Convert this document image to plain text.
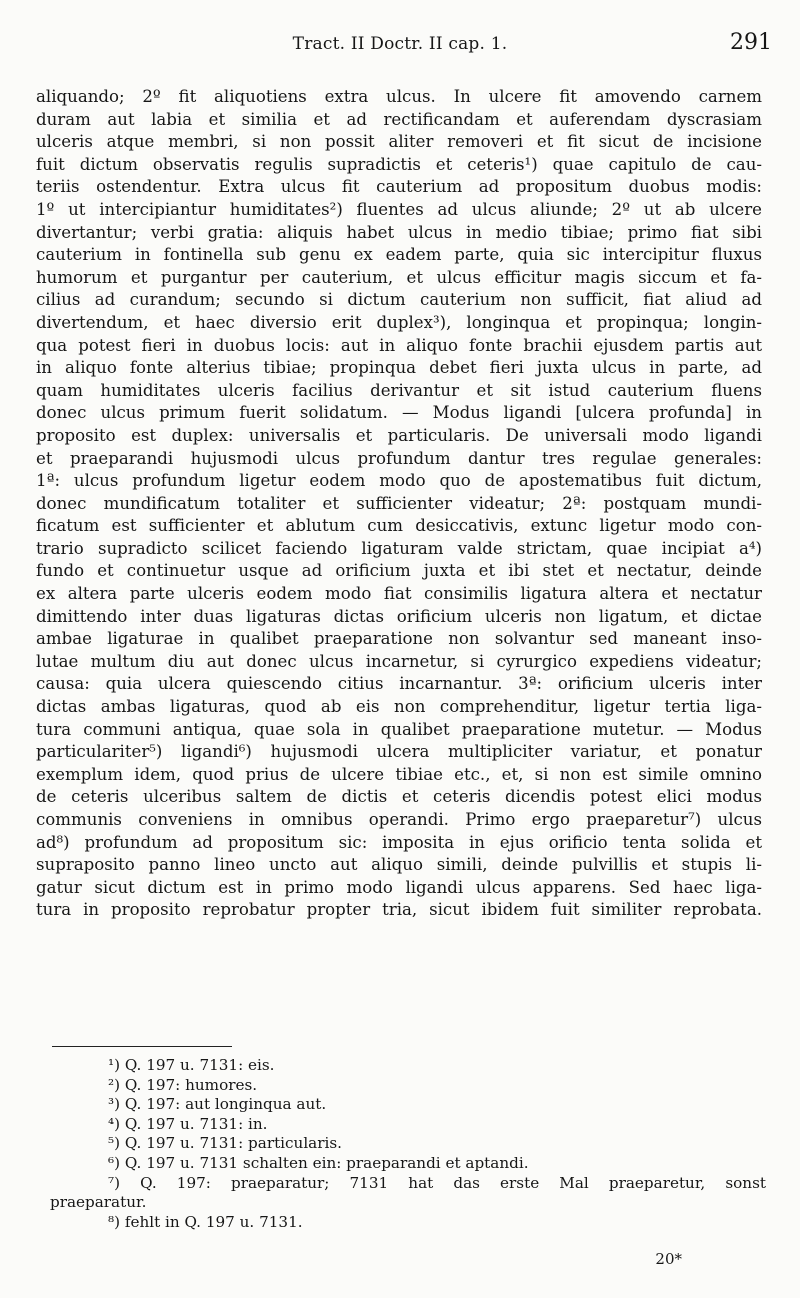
Tract. II Doctr. II cap. 1.	291
aliquando; 2º fit aliquotiens extra ulcus. In ulcere fit amovendo carnem
duram aut labia et similia et ad rectificandam et auferendam dyscrasiam
ulceris atque membri, si non possit aliter removeri et fit sicut de incisione
fuit dictum observatis regulis supradictis et ceteris¹) quae capitulo de cau-
teriis ostendentur. Extra ulcus fit cauterium ad propositum duobus modis:
1º ut intercipiantur humiditates²) fluentes ad ulcus aliunde; 2º ut ab ulcere
divertantur; verbi gratia: aliquis habet ulcus in medio tibiae; primo fiat sibi
cauterium in fontinella sub genu ex eadem parte, quia sic intercipitur fluxus
humorum et purgantur per cauterium, et ulcus efficitur magis siccum et fa-
cilius ad curandum; secundo si dictum cauterium non sufficit, fiat aliud ad
divertendum, et haec diversio erit duplex³), longinqua et propinqua; longin-
qua potest fieri in duobus locis: aut in aliquo fonte brachii ejusdem partis aut
in aliquo fonte alterius tibiae; propinqua debet fieri juxta ulcus in parte, ad
quam humiditates ulceris facilius derivantur et sit istud cauterium fluens
donec ulcus primum fuerit solidatum. — Modus ligandi [ulcera profunda] in
proposito est duplex: universalis et particularis. De universali modo ligandi
et praeparandi hujusmodi ulcus profundum dantur tres regulae generales:
1ª: ulcus profundum ligetur eodem modo quo de apostematibus fuit dictum,
donec mundificatum totaliter et sufficienter videatur; 2ª: postquam mundi-
ficatum est sufficienter et ablutum cum desiccativis, extunc ligetur modo con-
trario supradicto scilicet faciendo ligaturam valde strictam, quae incipiat a⁴)
fundo et continuetur usque ad orificium juxta et ibi stet et nectatur, deinde
ex altera parte ulceris eodem modo fiat consimilis ligatura altera et nectatur
dimittendo inter duas ligaturas dictas orificium ulceris non ligatum, et dictae
ambae ligaturae in qualibet praeparatione non solvantur sed maneant inso-
lutae multum diu aut donec ulcus incarnetur, si cyrurgico expediens videatur;
causa: quia ulcera quiescendo citius incarnantur. 3ª: orificium ulceris inter
dictas ambas ligaturas, quod ab eis non comprehenditur, ligetur tertia liga-
tura communi antiqua, quae sola in qualibet praeparatione mutetur. — Modus
particulariter⁵) ligandi⁶) hujusmodi ulcera multipliciter variatur, et ponatur
exemplum idem, quod prius de ulcere tibiae etc., et, si non est simile omnino
de ceteris ulceribus saltem de dictis et ceteris dicendis potest elici modus
communis conveniens in omnibus operandi. Primo ergo praeparetur⁷) ulcus
ad⁸) profundum ad propositum sic: imposita in ejus orificio tenta solida et
supraposito panno lineo uncto aut aliquo simili, deinde pulvillis et stupis li-
gatur sicut dictum est in primo modo ligandi ulcus apparens. Sed haec liga-
tura in proposito reprobatur propter tria, sicut ibidem fuit similiter reprobata.
¹) Q. 197 u. 7131: eis.
²) Q. 197: humores.
³) Q. 197: aut longinqua aut.
⁴) Q. 197 u. 7131: in.
⁵) Q. 197 u. 7131: particularis.
⁶) Q. 197 u. 7131 schalten ein: praeparandi et aptandi.
⁷) Q. 197: praeparatur; 7131 hat das erste Mal praeparetur, sonst
praeparatur.
⁸) fehlt in Q. 197 u. 7131.
20*
